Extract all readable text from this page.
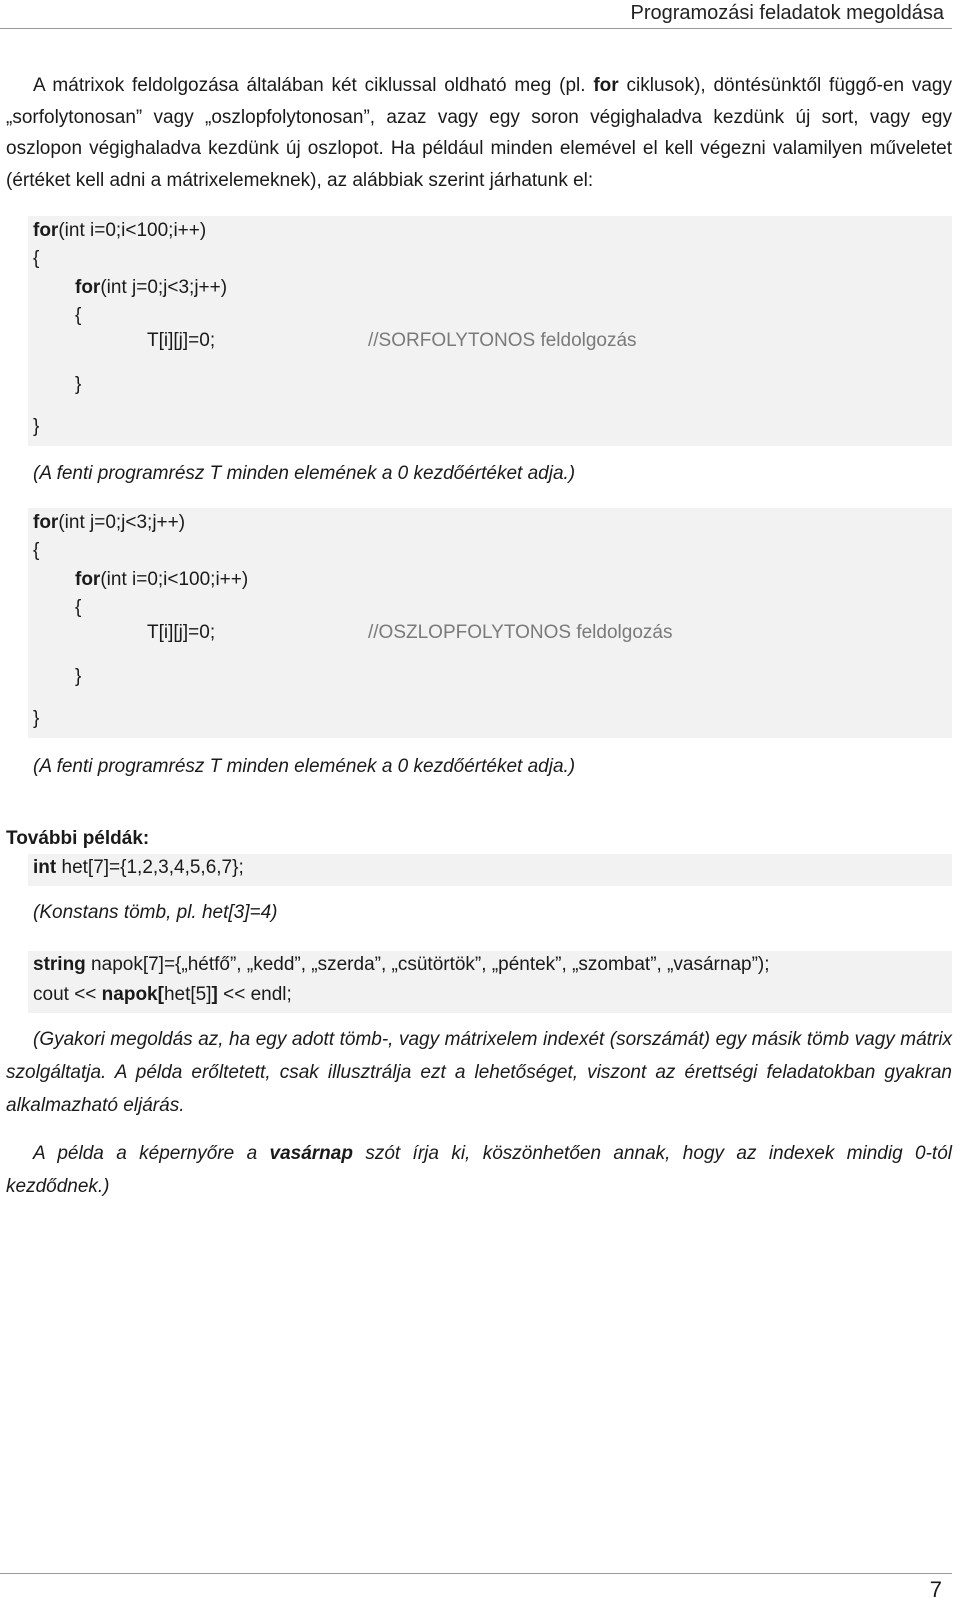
Programozási feladatok megoldása
A mátrixok feldolgozása általában két ciklussal oldható meg (pl. for ciklusok), döntésünktől függő-en vagy „sorfolytonosan” vagy „oszlopfolytonosan”, azaz vagy egy soron végighaladva kezdünk új sort, vagy egy oszlopon végighaladva kezdünk új oszlopot. Ha például minden elemével el kell végezni valamilyen műveletet (értéket kell adni a mátrixelemeknek), az alábbiak szerint járhatunk el:
for(int i=0;i<100;i++)
{
for(int j=0;j<3;j++)
{
T[i][j]=0;	//SORFOLYTONOS feldolgozás
}
}
(A fenti programrész T minden elemének a 0 kezdőértéket adja.)
for(int j=0;j<3;j++)
{
for(int i=0;i<100;i++)
{
T[i][j]=0;	//OSZLOPFOLYTONOS feldolgozás
}
}
(A fenti programrész T minden elemének a 0 kezdőértéket adja.)
További példák:
int het[7]={1,2,3,4,5,6,7};
(Konstans tömb, pl. het[3]=4)
string napok[7]={„hétfő”, „kedd”, „szerda”, „csütörtök”, „péntek”, „szombat”, „vasárnap”);
cout << napok[het[5]] << endl;
(Gyakori megoldás az, ha egy adott tömb-, vagy mátrixelem indexét (sorszámát) egy másik tömb vagy mátrix szolgáltatja. A példa erőltetett, csak illusztrálja ezt a lehetőséget, viszont az érettségi feladatokban gyakran alkalmazható eljárás.
A példa a képernyőre a vasárnap szót írja ki, köszönhetően annak, hogy az indexek mindig 0-tól kezdődnek.)
7
